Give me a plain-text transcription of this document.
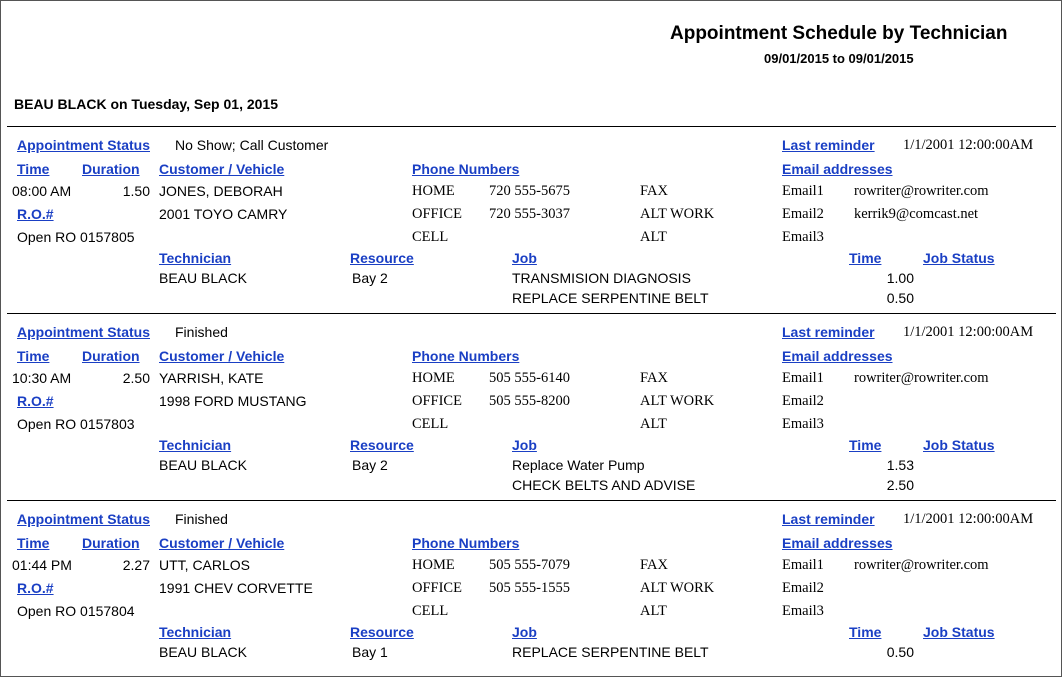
Appointment Schedule by Technician
09/01/2015 to 09/01/2015
BEAU BLACK on Tuesday, Sep 01, 2015
Appointment Status No Show; Call Customer	Last reminder 1/1/2001 12:00:00AM
Time Duration Customer / Vehicle	Phone Numbers	Email addresses
08:00 AM	1.50 JONES, DEBORAH	HOME 720 555-5675	FAX	Email1 rowriter@rowriter.com
R.O.#	2001 TOYO CAMRY	OFFICE 720 555-3037	ALT WORK	Email2 kerrik9@comcast.net
Open RO 0157805	CELL	ALT	Email3
Technician	Resource	Job	Time	Job Status
BEAU BLACK	Bay 2	TRANSMISION DIAGNOSIS	1.00
REPLACE SERPENTINE BELT	0.50
Appointment Status Finished	Last reminder 1/1/2001 12:00:00AM
Time Duration Customer / Vehicle	Phone Numbers	Email addresses
10:30 AM	2.50 YARRISH, KATE	HOME 505 555-6140	FAX	Email1 rowriter@rowriter.com
R.O.#	1998 FORD MUSTANG	OFFICE 505 555-8200	ALT WORK	Email2
Open RO 0157803	CELL	ALT	Email3
Technician	Resource	Job	Time	Job Status
BEAU BLACK	Bay 2	Replace Water Pump	1.53
CHECK BELTS AND ADVISE	2.50
Appointment Status Finished	Last reminder 1/1/2001 12:00:00AM
Time Duration Customer / Vehicle	Phone Numbers	Email addresses
01:44 PM	2.27 UTT, CARLOS	HOME 505 555-7079	FAX	Email1 rowriter@rowriter.com
R.O.#	1991 CHEV CORVETTE	OFFICE 505 555-1555	ALT WORK	Email2
Open RO 0157804	CELL	ALT	Email3
Technician	Resource	Job	Time	Job Status
BEAU BLACK	Bay 1	REPLACE SERPENTINE BELT	0.50
